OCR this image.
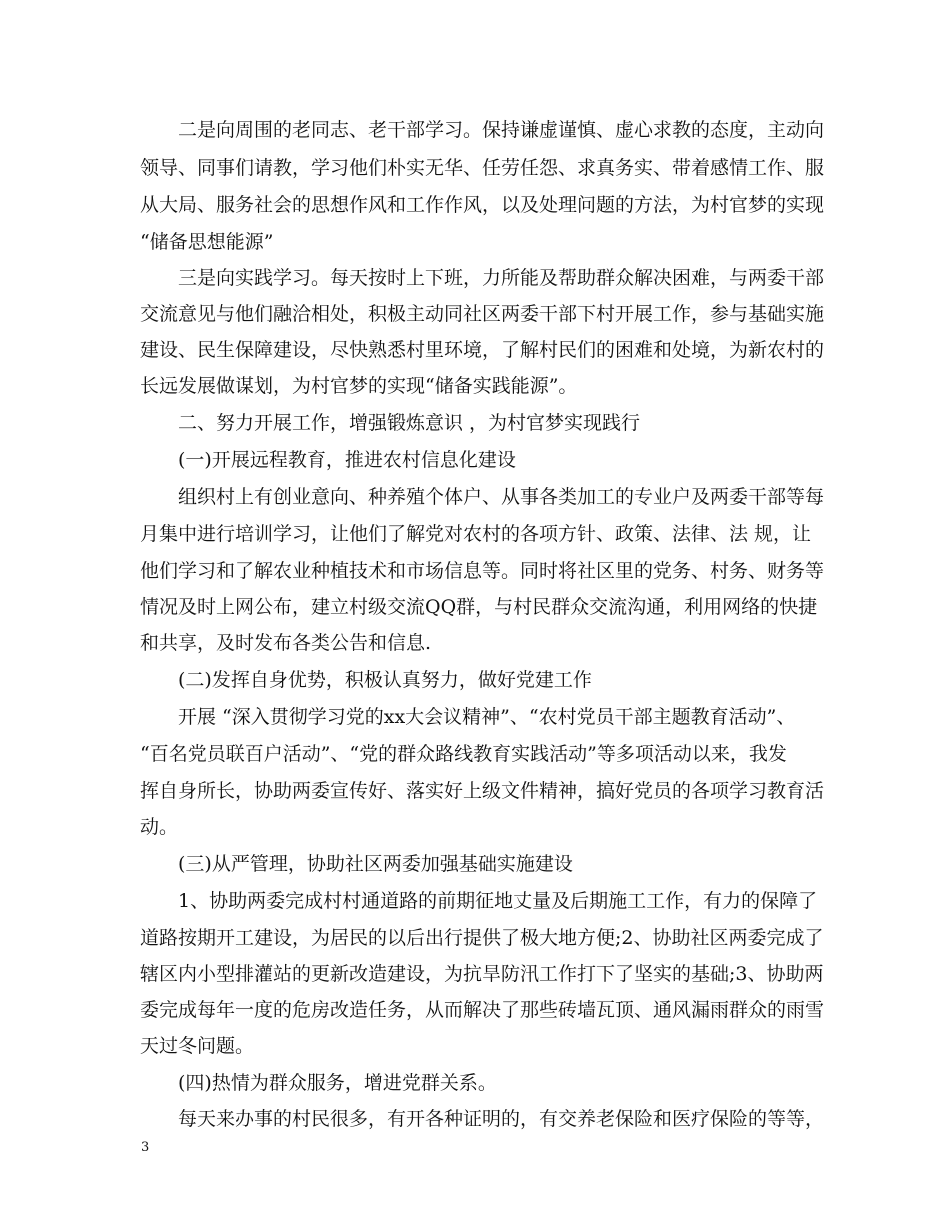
二是向周围的老同志、老干部学习。保持谦虚谨慎、虚心求教的态度，主动向
领导、同事们请教，学习他们朴实无华、任劳任怨、求真务实、带着感情工作、服
从大局、服务社会的思想作风和工作作风，以及处理问题的方法，为村官梦的实现
“储备思想能源”
三是向实践学习。每天按时上下班，力所能及帮助群众解决困难，与两委干部
交流意见与他们融洽相处，积极主动同社区两委干部下村开展工作，参与基础实施
建设、民生保障建设，尽快熟悉村里环境，了解村民们的困难和处境，为新农村的
长远发展做谋划，为村官梦的实现“储备实践能源”。
二、努力开展工作，增强锻炼意识 ，为村官梦实现践行
(一)开展远程教育，推进农村信息化建设
组织村上有创业意向、种养殖个体户、从事各类加工的专业户及两委干部等每
月集中进行培训学习，让他们了解党对农村的各项方针、政策、法律、法 规，让
他们学习和了解农业种植技术和市场信息等。同时将社区里的党务、村务、财务等
情况及时上网公布，建立村级交流QQ群，与村民群众交流沟通，利用网络的快捷
和共享，及时发布各类公告和信息.
(二)发挥自身优势，积极认真努力，做好党建工作
开展 “深入贯彻学习党的xx大会议精神”、“农村党员干部主题教育活动”、
“百名党员联百户活动”、“党的群众路线教育实践活动”等多项活动以来，我发
挥自身所长，协助两委宣传好、落实好上级文件精神，搞好党员的各项学习教育活
动。
(三)从严管理，协助社区两委加强基础实施建设
1、协助两委完成村村通道路的前期征地丈量及后期施工工作，有力的保障了
道路按期开工建设，为居民的以后出行提供了极大地方便;2、协助社区两委完成了
辖区内小型排灌站的更新改造建设，为抗旱防汛工作打下了坚实的基础;3、协助两
委完成每年一度的危房改造任务，从而解决了那些砖墙瓦顶、通风漏雨群众的雨雪
天过冬问题。
(四)热情为群众服务，增进党群关系。
每天来办事的村民很多，有开各种证明的，有交养老保险和医疗保险的等等，
3
